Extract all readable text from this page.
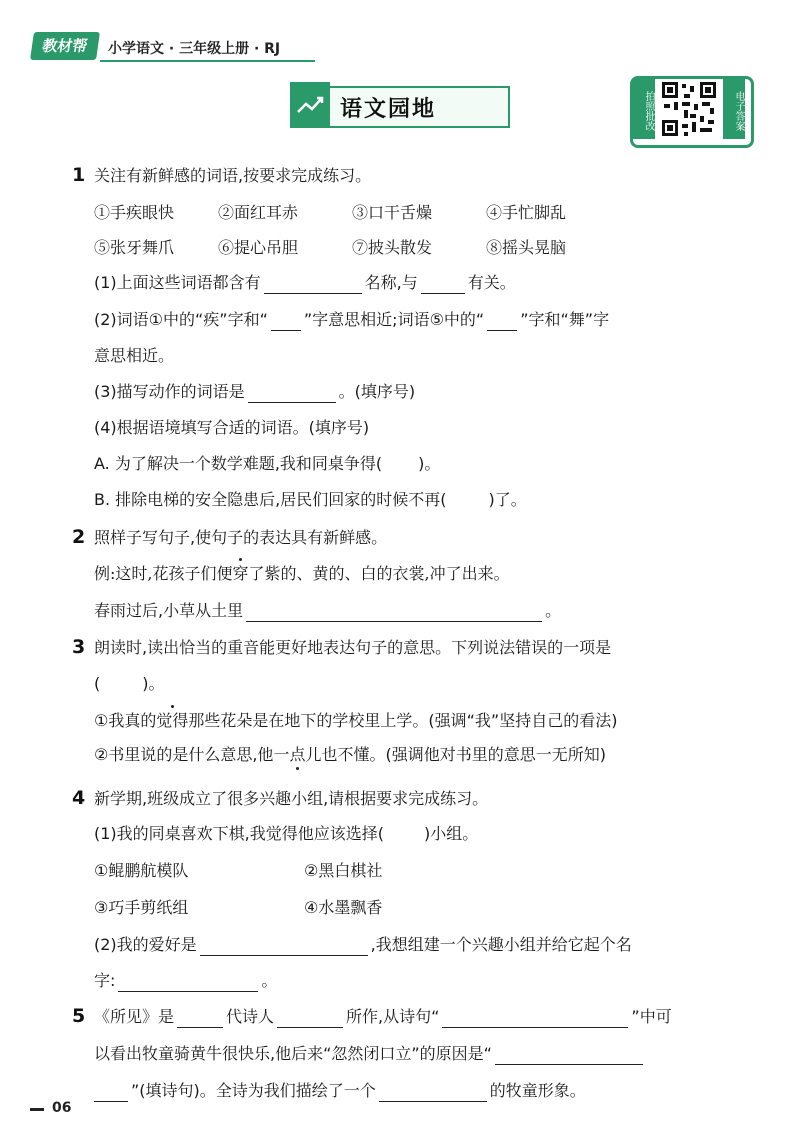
教材帮	小学语文 · 三年级上册 · RJ
语文园地	拍照批改	电子答案
1 关注有新鲜感的词语,按要求完成练习。
①手疾眼快	②面红耳赤	③口干舌燥	④手忙脚乱
⑤张牙舞爪	⑥提心吊胆	⑦披头散发	⑧摇头晃脑
(1)上面这些词语都含有	名称,与	有关。
(2)词语①中的“疾”字和“ ”字意思相近;词语⑤中的“ ”字和“舞”字
意思相近。
(3)描写动作的词语是	。(填序号)
(4)根据语境填写合适的词语。(填序号)
A. 为了解决一个数学难题,我和同桌争得( )。
B. 排除电梯的安全隐患后,居民们回家的时候不再(	)了。
2 照样子写句子,使句子的表达具有新鲜感。
例:这时,花孩子们便穿了紫的、黄的、白的衣裳,冲了出来。
春雨过后,小草从土里	。
3 朗读时,读出恰当的重音能更好地表达句子的意思。下列说法错误的一项是
(	)。
①我真的觉得那些花朵是在地下的学校里上学。(强调“我”坚持自己的看法)
②书里说的是什么意思,他一点儿也不懂。(强调他对书里的意思一无所知)
4 新学期,班级成立了很多兴趣小组,请根据要求完成练习。
(1)我的同桌喜欢下棋,我觉得他应该选择(	)小组。
①鲲鹏航模队	②黑白棋社
③巧手剪纸组	④水墨飘香
(2)我的爱好是	,我想组建一个兴趣小组并给它起个名
字:	。
5 《所见》是	代诗人	所作,从诗句“	”中可
以看出牧童骑黄牛很快乐,他后来“忽然闭口立”的原因是“
”(填诗句)。全诗为我们描绘了一个	的牧童形象。
06
